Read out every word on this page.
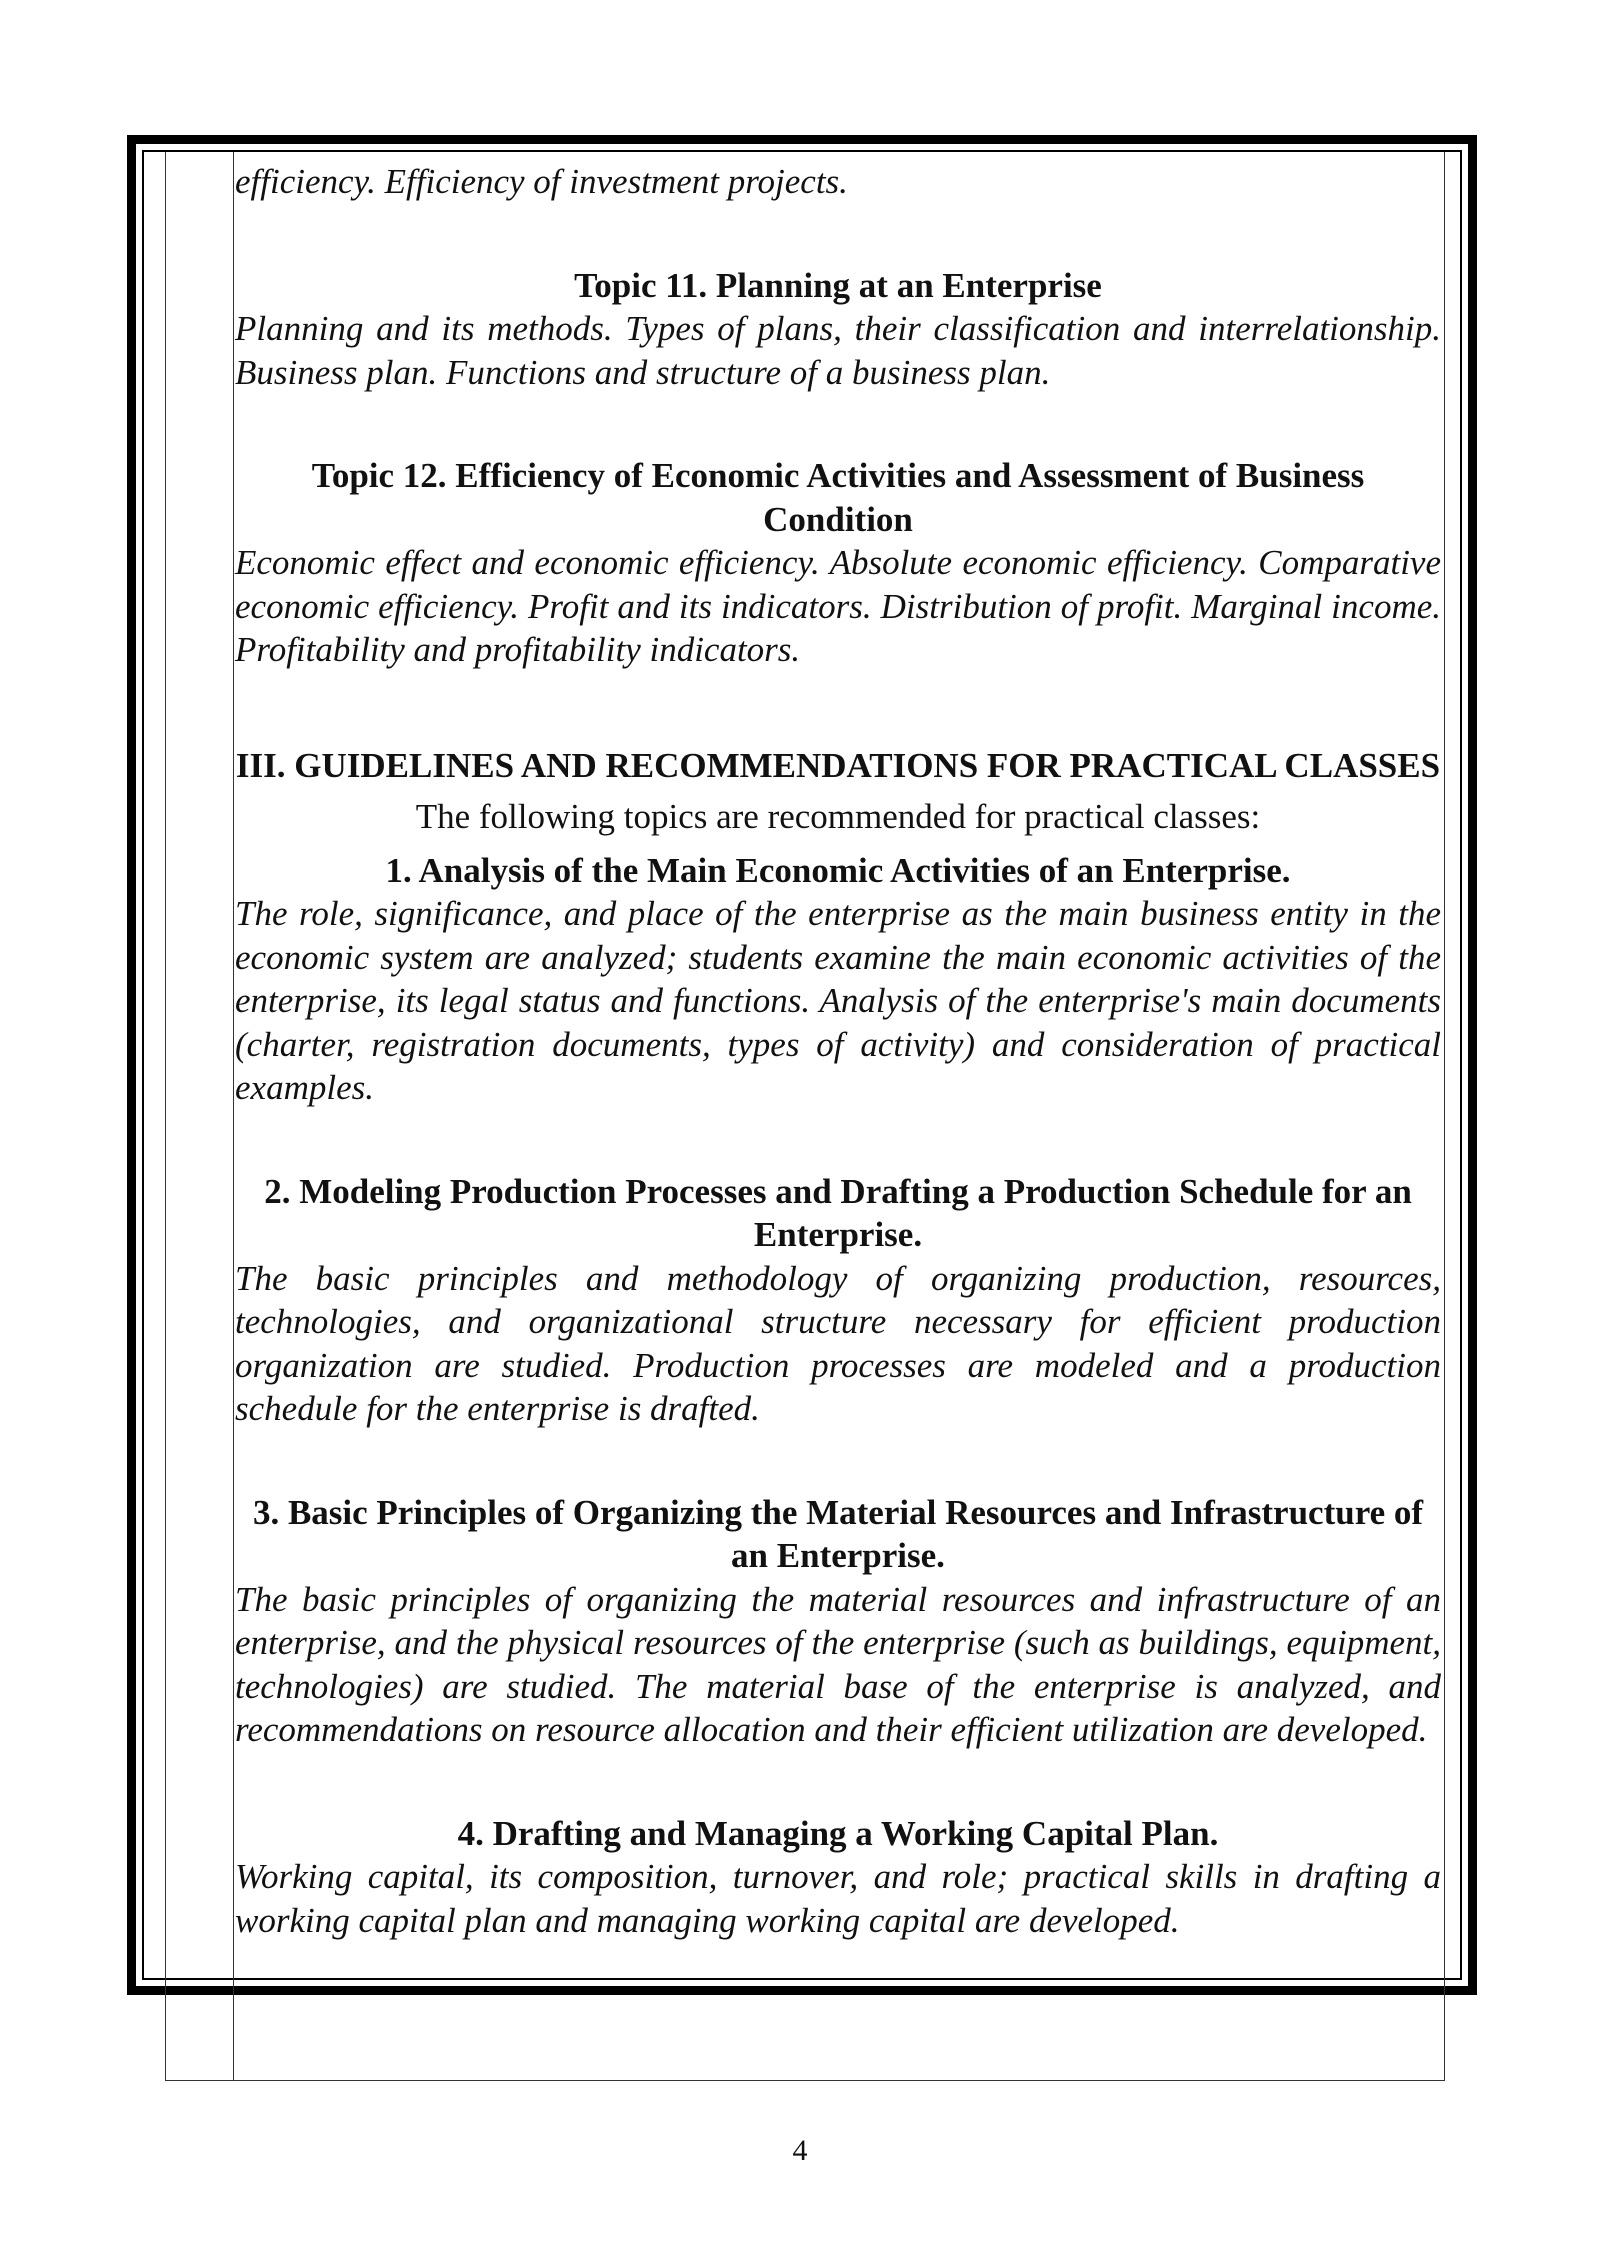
efficiency. Efficiency of investment projects.

Topic 11. Planning at an Enterprise

Planning and its methods. Types of plans, their classification and interrelationship. Business plan. Functions and structure of a business plan.

Topic 12. Efficiency of Economic Activities and Assessment of Business Condition

Economic effect and economic efficiency. Absolute economic efficiency. Comparative economic efficiency. Profit and its indicators. Distribution of profit. Marginal income. Profitability and profitability indicators.

III. GUIDELINES AND RECOMMENDATIONS FOR PRACTICAL CLASSES

The following topics are recommended for practical classes:

1. Analysis of the Main Economic Activities of an Enterprise.

The role, significance, and place of the enterprise as the main business entity in the economic system are analyzed; students examine the main economic activities of the enterprise, its legal status and functions. Analysis of the enterprise's main documents (charter, registration documents, types of activity) and consideration of practical examples.

2. Modeling Production Processes and Drafting a Production Schedule for an Enterprise.

The basic principles and methodology of organizing production, resources, technologies, and organizational structure necessary for efficient production organization are studied. Production processes are modeled and a production schedule for the enterprise is drafted.

3. Basic Principles of Organizing the Material Resources and Infrastructure of an Enterprise.

The basic principles of organizing the material resources and infrastructure of an enterprise, and the physical resources of the enterprise (such as buildings, equipment, technologies) are studied. The material base of the enterprise is analyzed, and recommendations on resource allocation and their efficient utilization are developed.

4. Drafting and Managing a Working Capital Plan.

Working capital, its composition, turnover, and role; practical skills in drafting a working capital plan and managing working capital are developed.

4
